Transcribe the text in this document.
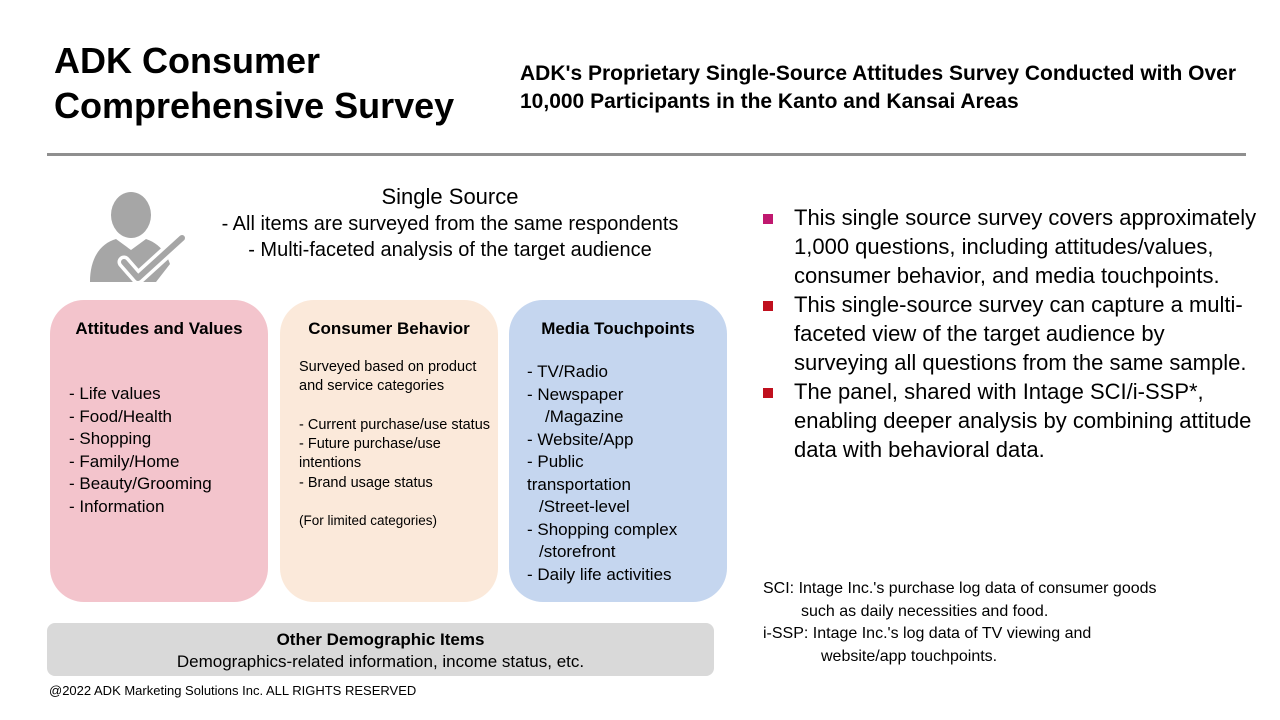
ADK Consumer Comprehensive Survey
ADK's Proprietary Single-Source Attitudes Survey Conducted with Over 10,000 Participants in the Kanto and Kansai Areas
Single Source
- All items are surveyed from the same respondents
- Multi-faceted analysis of the target audience
Attitudes and Values
- Life values
- Food/Health
- Shopping
- Family/Home
- Beauty/Grooming
- Information
Consumer Behavior
Surveyed based on product and service categories
- Current purchase/use status
- Future purchase/use intentions
- Brand usage status
(For limited categories)
Media Touchpoints
- TV/Radio
- Newspaper
/Magazine
- Website/App
- Public
transportation
/Street-level
- Shopping complex
/storefront
- Daily life activities
Other Demographic Items
Demographics-related information, income status, etc.
@2022 ADK Marketing Solutions Inc. ALL RIGHTS RESERVED
This single source survey covers approximately 1,000 questions, including attitudes/values, consumer behavior, and media touchpoints.
This single-source survey can capture a multi-faceted view of the target audience by surveying all questions from the same sample.
The panel, shared with Intage SCI/i-SSP*, enabling deeper analysis by combining attitude data with behavioral data.
SCI: Intage Inc.'s purchase log data of consumer goods
such as daily necessities and food.
i-SSP: Intage Inc.'s log data of TV viewing and
website/app touchpoints.
